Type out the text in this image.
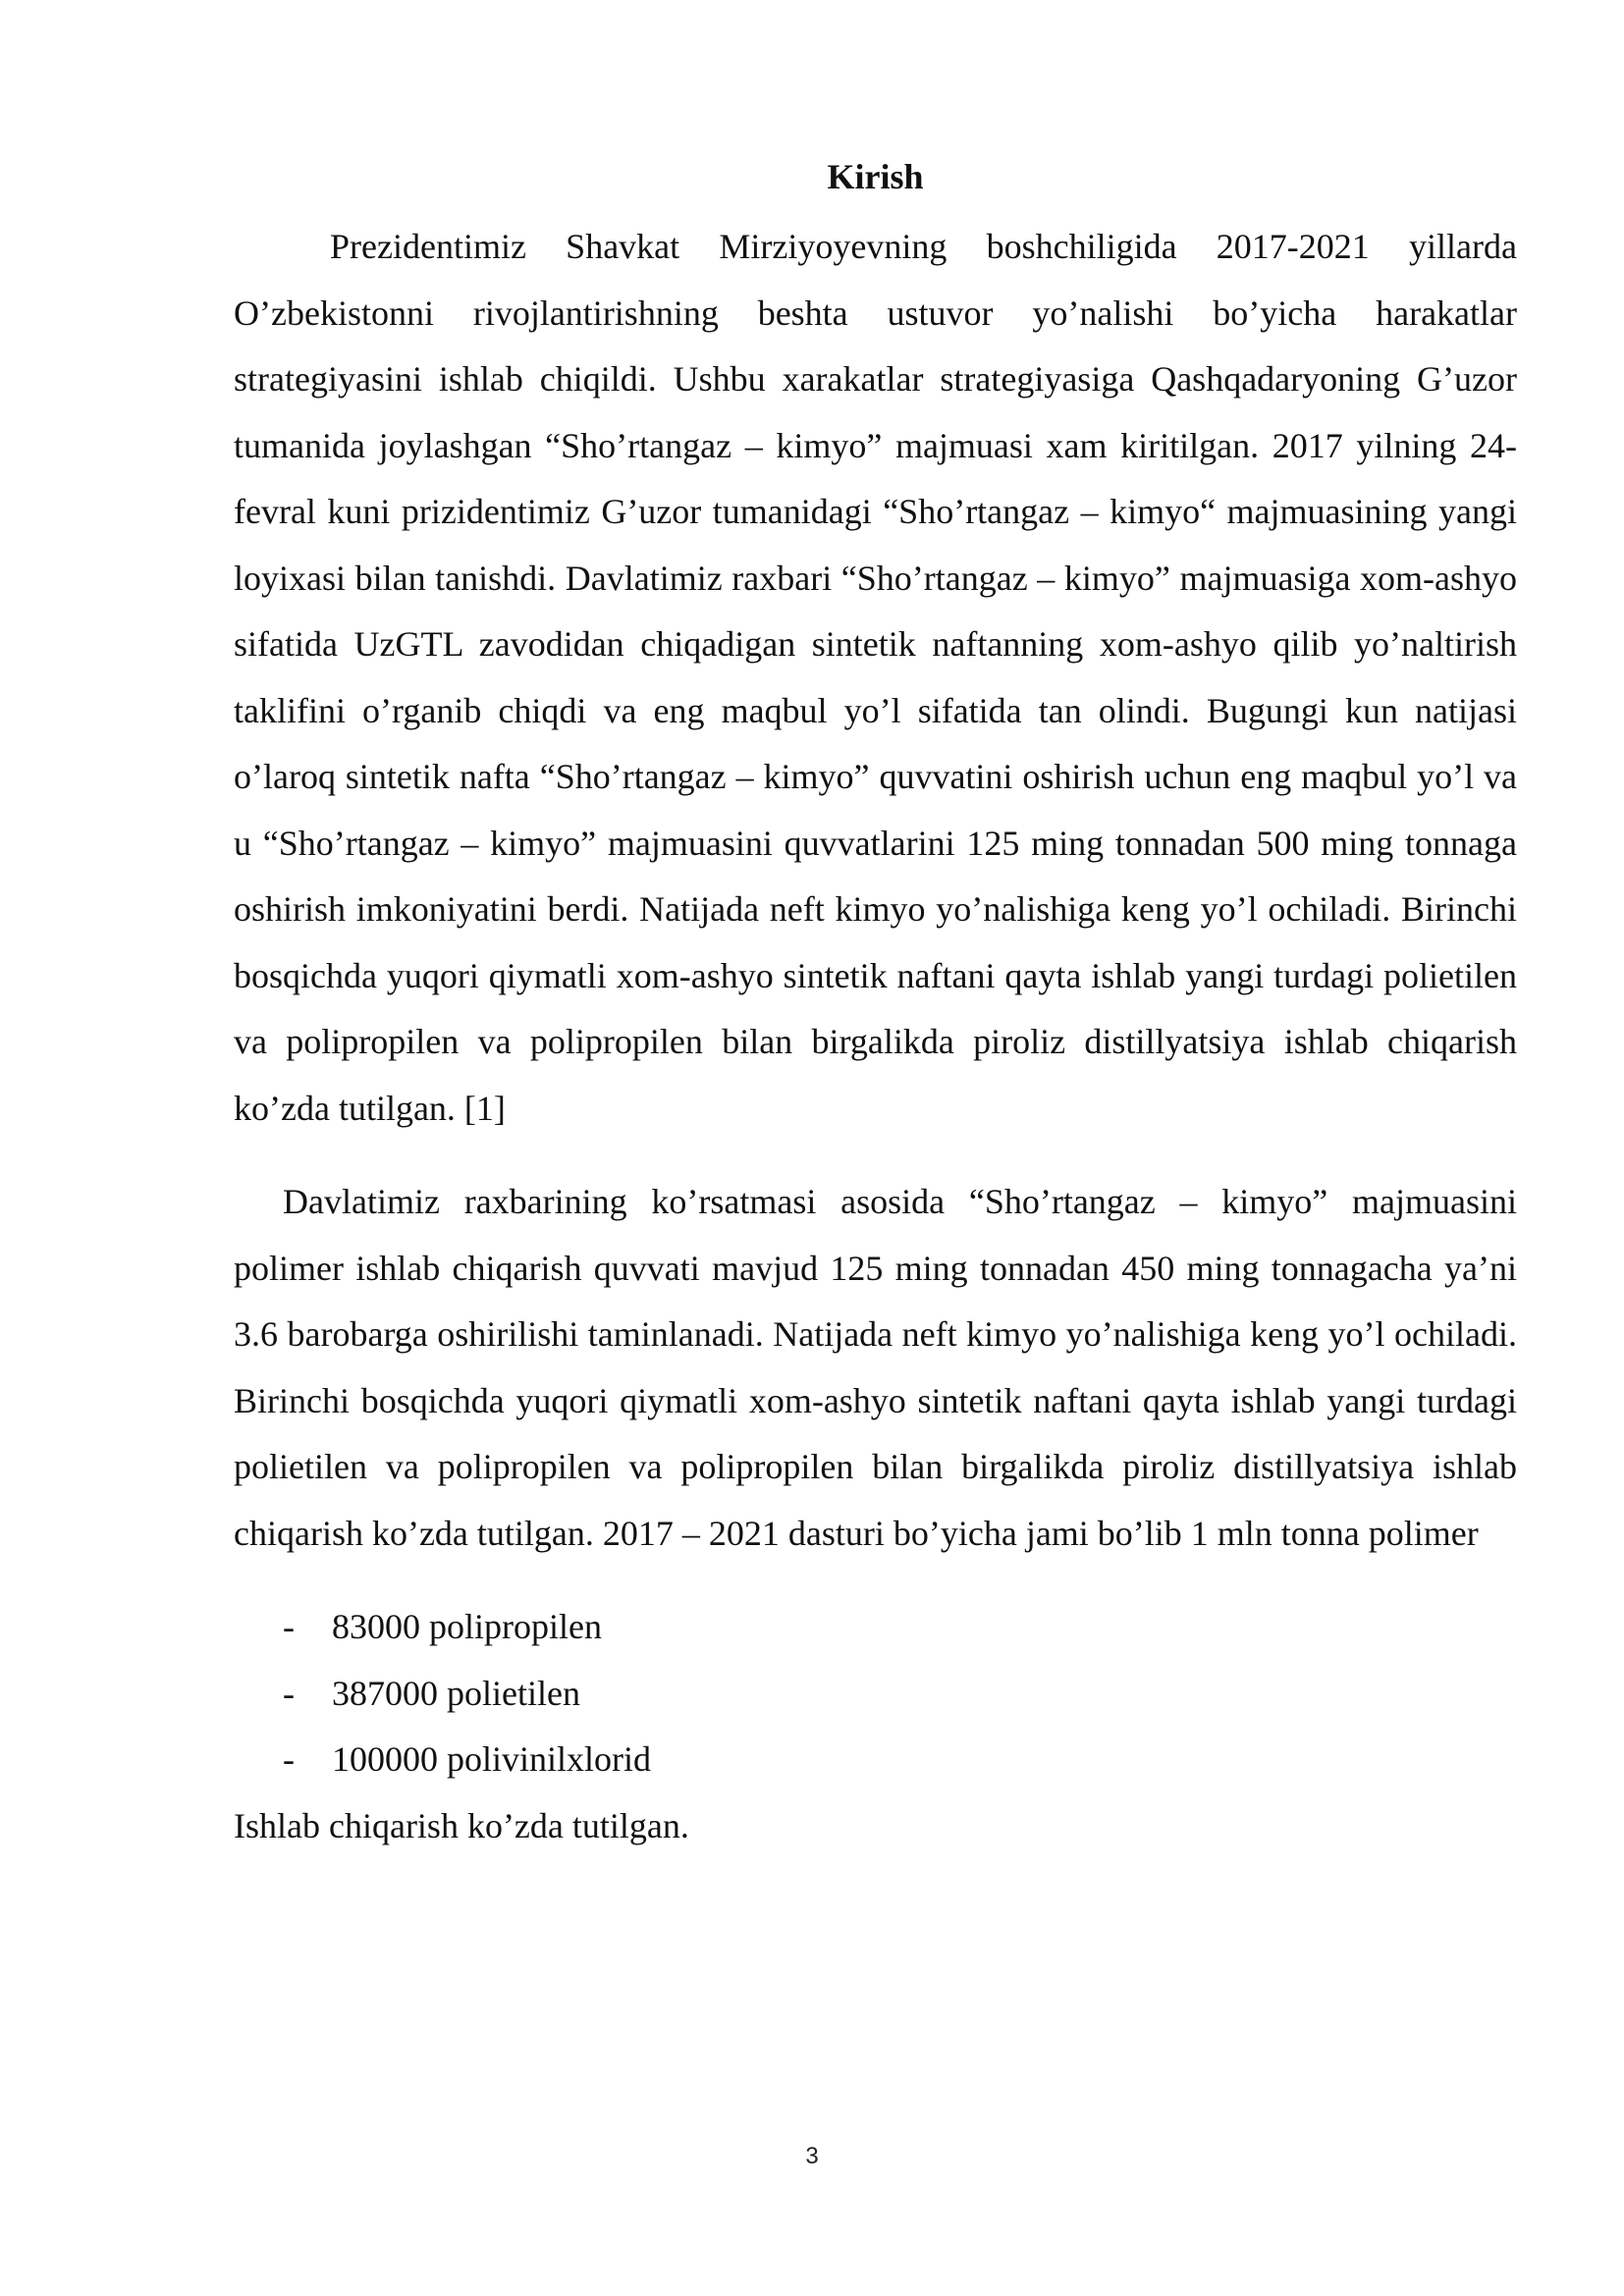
Kirish

Prezidentimiz Shavkat Mirziyoyevning boshchiligida 2017-2021 yillarda O’zbekistonni rivojlantirishning beshta ustuvor yo’nalishi bo’yicha harakatlar strategiyasini ishlab chiqildi. Ushbu xarakatlar strategiyasiga Qashqadaryoning G’uzor tumanida joylashgan “Sho’rtangaz – kimyo” majmuasi xam kiritilgan. 2017 yilning 24-fevral kuni prizidentimiz G’uzor tumanidagi “Sho’rtangaz – kimyo“ majmuasining yangi loyixasi bilan tanishdi. Davlatimiz raxbari “Sho’rtangaz – kimyo” majmuasiga xom-ashyo sifatida UzGTL zavodidan chiqadigan sintetik naftanning xom-ashyo qilib yo’naltirish taklifini o’rganib chiqdi va eng maqbul yo’l sifatida tan olindi. Bugungi kun natijasi o’laroq sintetik nafta “Sho’rtangaz – kimyo” quvvatini oshirish uchun eng maqbul yo’l va u “Sho’rtangaz – kimyo” majmuasini quvvatlarini 125 ming tonnadan 500 ming tonnaga oshirish imkoniyatini berdi. Natijada neft kimyo yo’nalishiga keng yo’l ochiladi. Birinchi bosqichda yuqori qiymatli xom-ashyo sintetik naftani qayta ishlab yangi turdagi polietilen va polipropilen va polipropilen bilan birgalikda piroliz distillyatsiya ishlab chiqarish ko’zda tutilgan. [1]

Davlatimiz raxbarining ko’rsatmasi asosida “Sho’rtangaz – kimyo” majmuasini polimer ishlab chiqarish quvvati mavjud 125 ming tonnadan 450 ming tonnagacha ya’ni 3.6 barobarga oshirilishi taminlanadi. Natijada neft kimyo yo’nalishiga keng yo’l ochiladi. Birinchi bosqichda yuqori qiymatli xom-ashyo sintetik naftani qayta ishlab yangi turdagi polietilen va polipropilen va polipropilen bilan birgalikda piroliz distillyatsiya ishlab chiqarish ko’zda tutilgan. 2017 – 2021 dasturi bo’yicha jami bo’lib 1 mln tonna polimer

- 83000 polipropilen
- 387000 polietilen
- 100000 polivinilxlorid

Ishlab chiqarish ko’zda tutilgan.

3
